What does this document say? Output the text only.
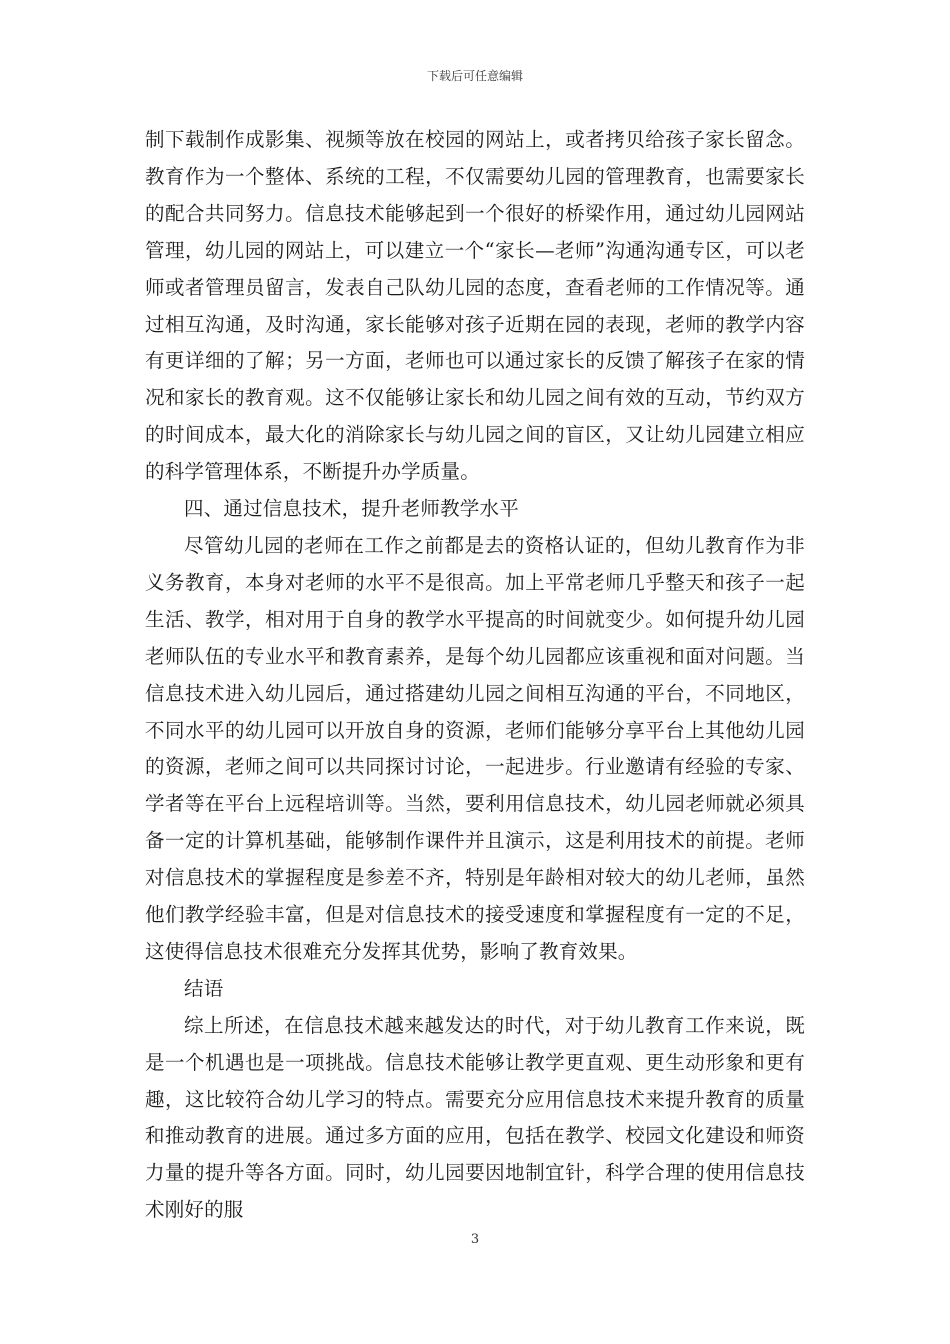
下载后可任意编辑

制下载制作成影集、视频等放在校园的网站上，或者拷贝给孩子家长留念。教育作为一个整体、系统的工程，不仅需要幼儿园的管理教育，也需要家长的配合共同努力。信息技术能够起到一个很好的桥梁作用，通过幼儿园网站管理，幼儿园的网站上，可以建立一个“家长—老师”沟通沟通专区，可以老师或者管理员留言，发表自己队幼儿园的态度，查看老师的工作情况等。通过相互沟通，及时沟通，家长能够对孩子近期在园的表现，老师的教学内容有更详细的了解；另一方面，老师也可以通过家长的反馈了解孩子在家的情况和家长的教育观。这不仅能够让家长和幼儿园之间有效的互动，节约双方的时间成本，最大化的消除家长与幼儿园之间的盲区，又让幼儿园建立相应的科学管理体系，不断提升办学质量。

四、通过信息技术，提升老师教学水平

尽管幼儿园的老师在工作之前都是去的资格认证的，但幼儿教育作为非义务教育，本身对老师的水平不是很高。加上平常老师几乎整天和孩子一起生活、教学，相对用于自身的教学水平提高的时间就变少。如何提升幼儿园老师队伍的专业水平和教育素养，是每个幼儿园都应该重视和面对问题。当信息技术进入幼儿园后，通过搭建幼儿园之间相互沟通的平台，不同地区，不同水平的幼儿园可以开放自身的资源，老师们能够分享平台上其他幼儿园的资源，老师之间可以共同探讨讨论，一起进步。行业邀请有经验的专家、学者等在平台上远程培训等。当然，要利用信息技术，幼儿园老师就必须具备一定的计算机基础，能够制作课件并且演示，这是利用技术的前提。老师对信息技术的掌握程度是参差不齐，特别是年龄相对较大的幼儿老师，虽然他们教学经验丰富，但是对信息技术的接受速度和掌握程度有一定的不足，这使得信息技术很难充分发挥其优势，影响了教育效果。

结语

综上所述，在信息技术越来越发达的时代，对于幼儿教育工作来说，既是一个机遇也是一项挑战。信息技术能够让教学更直观、更生动形象和更有趣，这比较符合幼儿学习的特点。需要充分应用信息技术来提升教育的质量和推动教育的进展。通过多方面的应用，包括在教学、校园文化建设和师资力量的提升等各方面。同时，幼儿园要因地制宜针，科学合理的使用信息技术刚好的服

3
